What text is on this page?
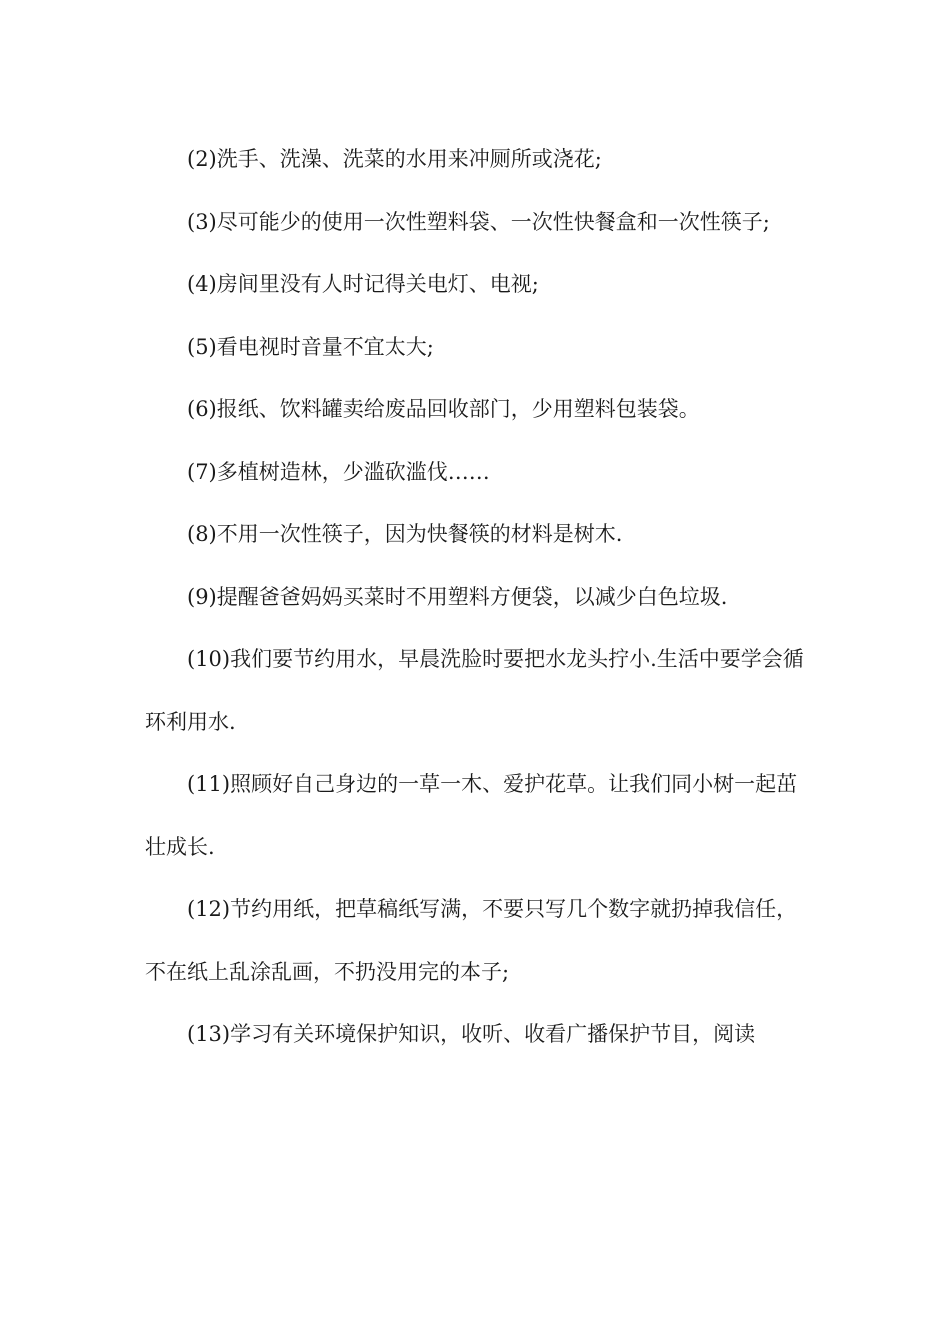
(2)洗手、洗澡、洗菜的水用来冲厕所或浇花;

(3)尽可能少的使用一次性塑料袋、一次性快餐盒和一次性筷子;

(4)房间里没有人时记得关电灯、电视;

(5)看电视时音量不宜太大;

(6)报纸、饮料罐卖给废品回收部门，少用塑料包装袋。

(7)多植树造林，少滥砍滥伐……

(8)不用一次性筷子，因为快餐筷的材料是树木.

(9)提醒爸爸妈妈买菜时不用塑料方便袋，以减少白色垃圾.

(10)我们要节约用水，早晨洗脸时要把水龙头拧小.生活中要学会循环利用水.

(11)照顾好自己身边的一草一木、爱护花草。让我们同小树一起茁壮成长.

(12)节约用纸，把草稿纸写满，不要只写几个数字就扔掉我信任，不在纸上乱涂乱画，不扔没用完的本子;

(13)学习有关环境保护知识，收听、收看广播保护节目，阅读
